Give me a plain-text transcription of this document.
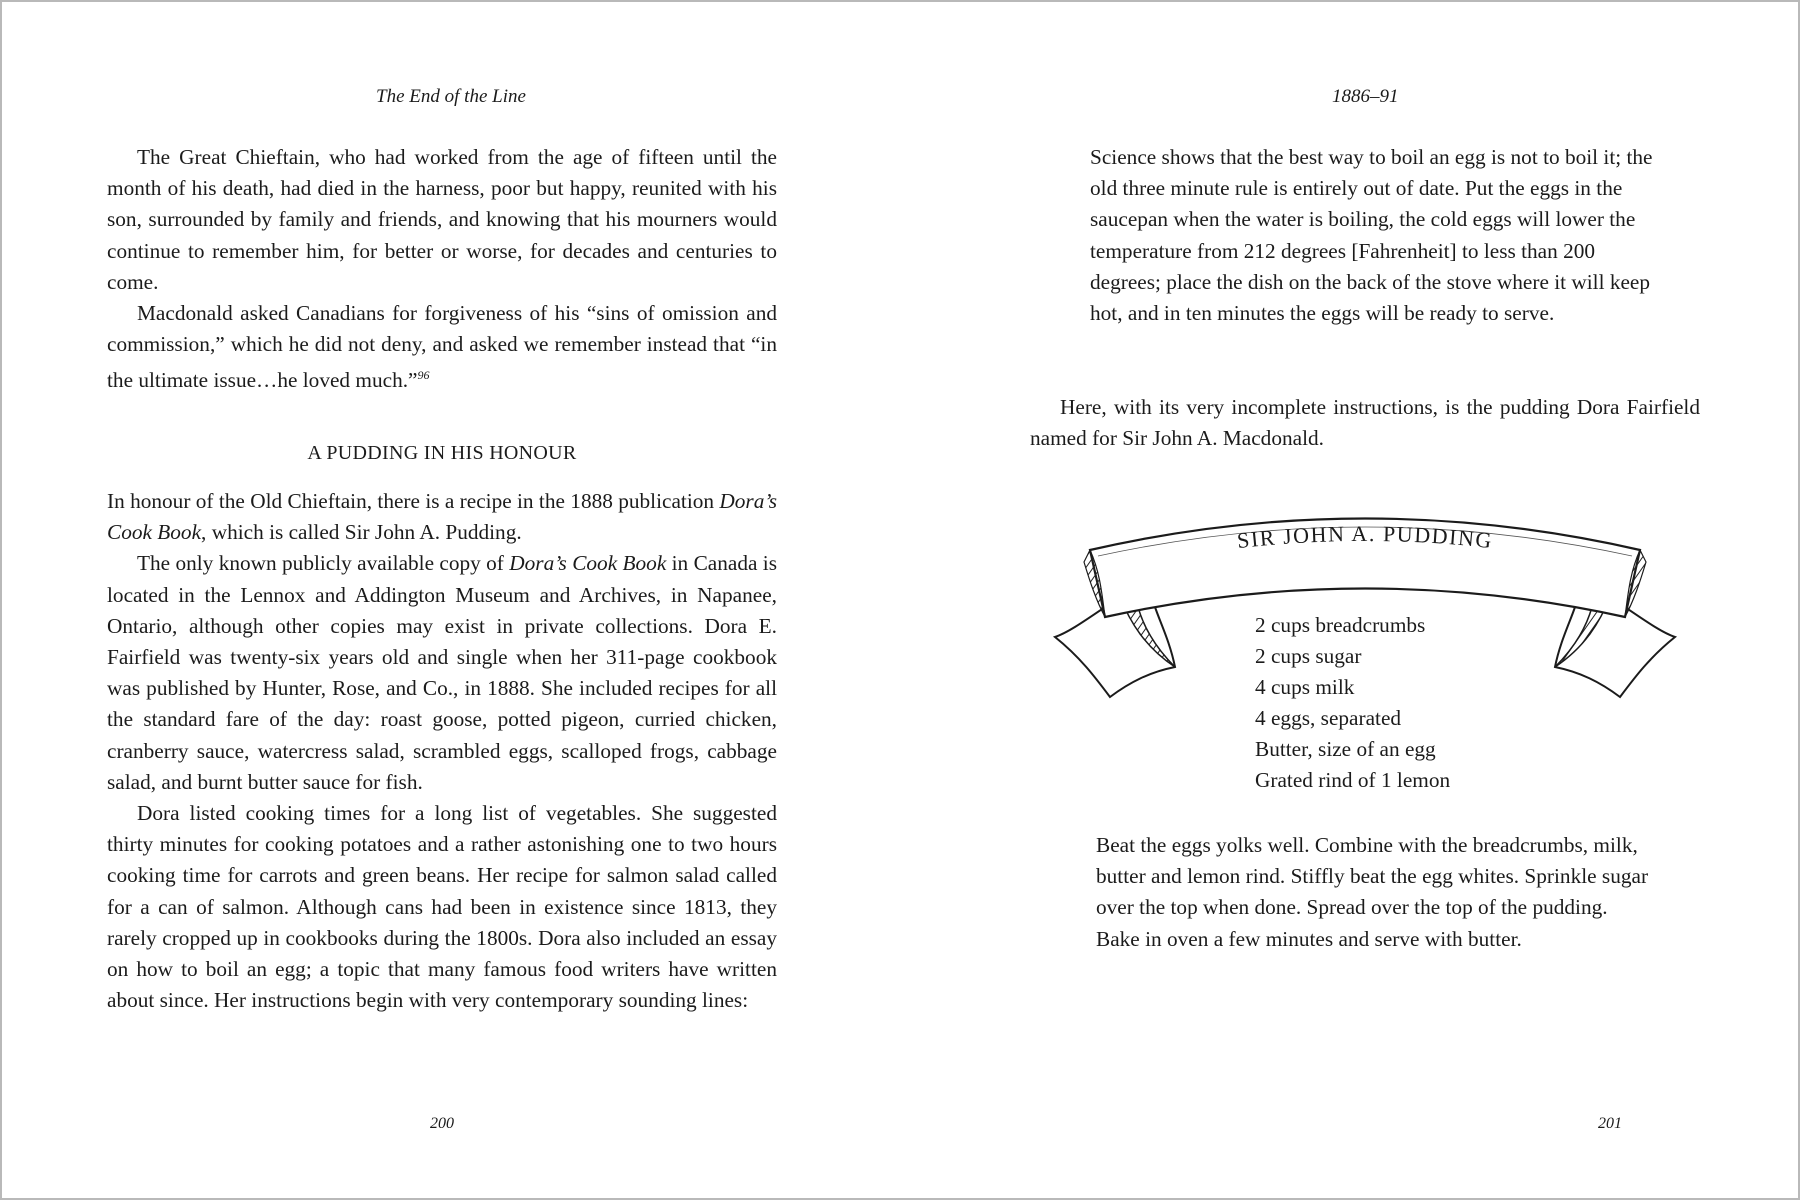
The End of the Line

The Great Chieftain, who had worked from the age of fifteen until the month of his death, had died in the harness, poor but happy, reunited with his son, surrounded by family and friends, and knowing that his mourners would continue to remember him, for better or worse, for decades and centuries to come.

Macdonald asked Canadians for forgiveness of his “sins of omission and commission,” which he did not deny, and asked we remember instead that “in the ultimate issue…he loved much.”$^{96}$

A PUDDING IN HIS HONOUR

In honour of the Old Chieftain, there is a recipe in the 1888 publication Dora’s Cook Book, which is called Sir John A. Pudding.

The only known publicly available copy of Dora’s Cook Book in Canada is located in the Lennox and Addington Museum and Archives, in Napanee, Ontario, although other copies may exist in private collections. Dora E. Fairfield was twenty-six years old and single when her 311-page cookbook was published by Hunter, Rose, and Co., in 1888. She included recipes for all the standard fare of the day: roast goose, potted pigeon, curried chicken, cranberry sauce, watercress salad, scrambled eggs, scalloped frogs, cabbage salad, and burnt butter sauce for fish.

Dora listed cooking times for a long list of vegetables. She suggested thirty minutes for cooking potatoes and a rather astonishing one to two hours cooking time for carrots and green beans. Her recipe for salmon salad called for a can of salmon. Although cans had been in existence since 1813, they rarely cropped up in cookbooks during the 1800s. Dora also included an essay on how to boil an egg; a topic that many famous food writers have written about since. Her instructions begin with very contemporary sounding lines:

200
1886–91

Science shows that the best way to boil an egg is not to boil it; the old three minute rule is entirely out of date. Put the eggs in the saucepan when the water is boiling, the cold eggs will lower the temperature from 212 degrees [Fahrenheit] to less than 200 degrees; place the dish on the back of the stove where it will keep hot, and in ten minutes the eggs will be ready to serve.

Here, with its very incomplete instructions, is the pudding Dora Fairfield named for Sir John A. Macdonald.

SIR JOHN A. PUDDING
2 cups breadcrumbs
2 cups sugar
4 cups milk
4 eggs, separated
Butter, size of an egg
Grated rind of 1 lemon

Beat the eggs yolks well. Combine with the breadcrumbs, milk, butter and lemon rind. Stiffly beat the egg whites. Sprinkle sugar over the top when done. Spread over the top of the pudding. Bake in oven a few minutes and serve with butter.

201
